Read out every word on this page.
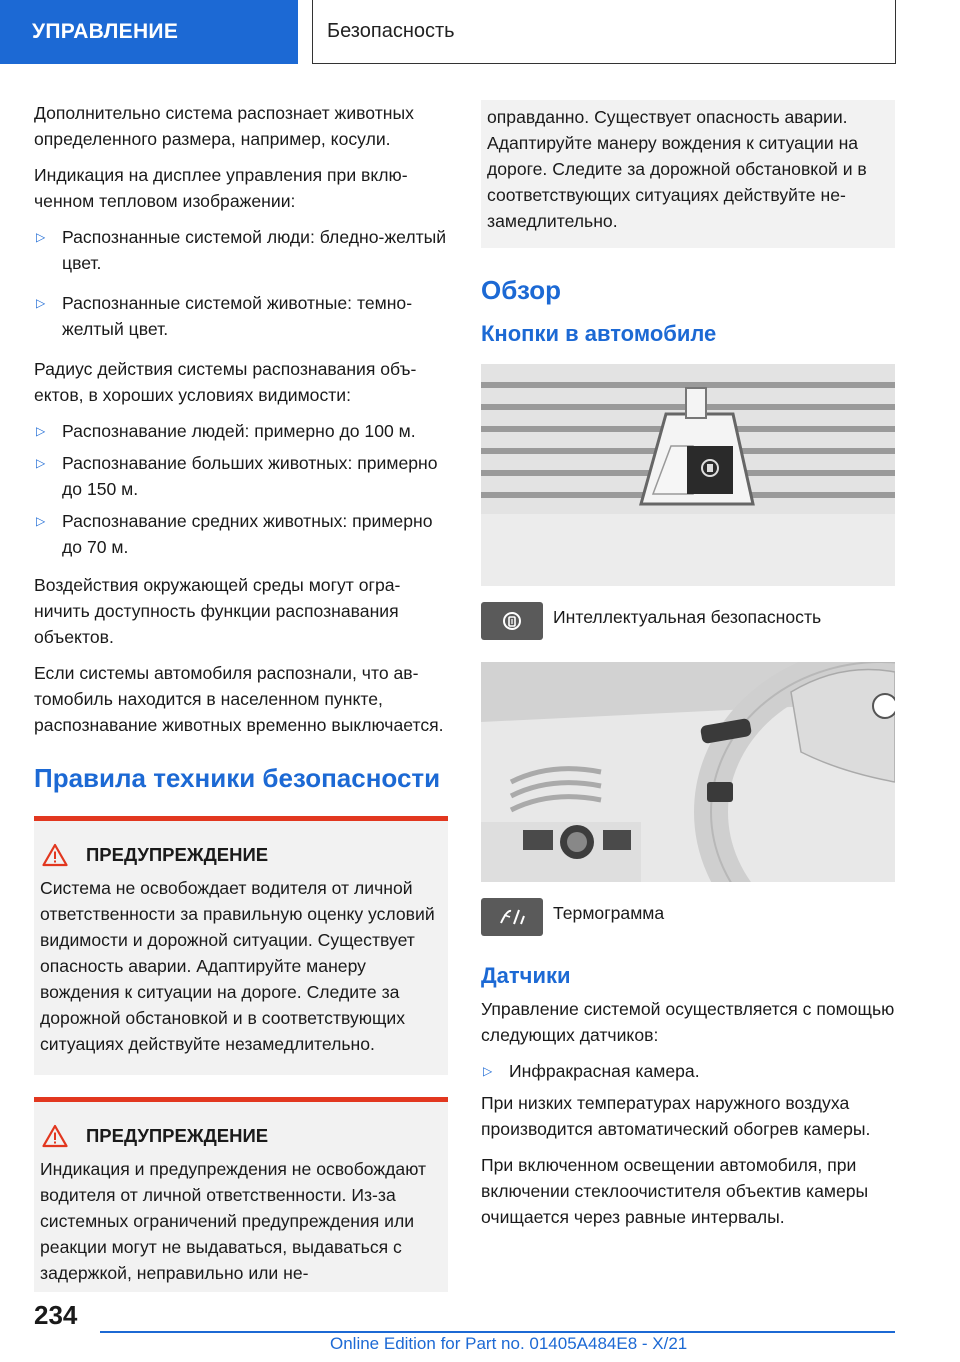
УПРАВЛЕНИЕ	Безопасность

Дополнительно система распознает животных определенного размера, например, косули.

Индикация на дисплее управления при включенном тепловом изображении:

▷ Распознанные системой люди: бледно-желтый цвет.
▷ Распознанные системой животные: темно-желтый цвет.

Радиус действия системы распознавания объектов, в хороших условиях видимости:

▷ Распознавание людей: примерно до 100 м.
▷ Распознавание больших животных: примерно до 150 м.
▷ Распознавание средних животных: примерно до 70 м.

Воздействия окружающей среды могут ограничить доступность функции распознавания объектов.

Если системы автомобиля распознали, что автомобиль находится в населенном пункте, распознавание животных временно выключается.

Правила техники безопасности
ПРЕДУПРЕЖДЕНИЕ

Система не освобождает водителя от личной ответственности за правильную оценку условий видимости и дорожной ситуации. Существует опасность аварии. Адаптируйте манеру вождения к ситуации на дороге. Следите за дорожной обстановкой и в соответствующих ситуациях действуйте незамедлительно.

ПРЕДУПРЕЖДЕНИЕ

Индикация и предупреждения не освобождают водителя от личной ответственности. Из-за системных ограничений предупреждения или реакции могут не выдаваться, выдаваться с задержкой, неправильно или не-

оправданно. Существует опасность аварии. Адаптируйте манеру вождения к ситуации на дороге. Следите за дорожной обстановкой и в соответствующих ситуациях действуйте незамедлительно.

Обзор
Кнопки в автомобиле
Интеллектуальная безопасность
Термограмма
Датчики

Управление системой осуществляется с помощью следующих датчиков:

▷ Инфракрасная камера.

При низких температурах наружного воздуха производится автоматический обогрев камеры.

При включенном освещении автомобиля, при включении стеклоочистителя объектив камеры очищается через равные интервалы.

234
Online Edition for Part no. 01405A484E8 - X/21
